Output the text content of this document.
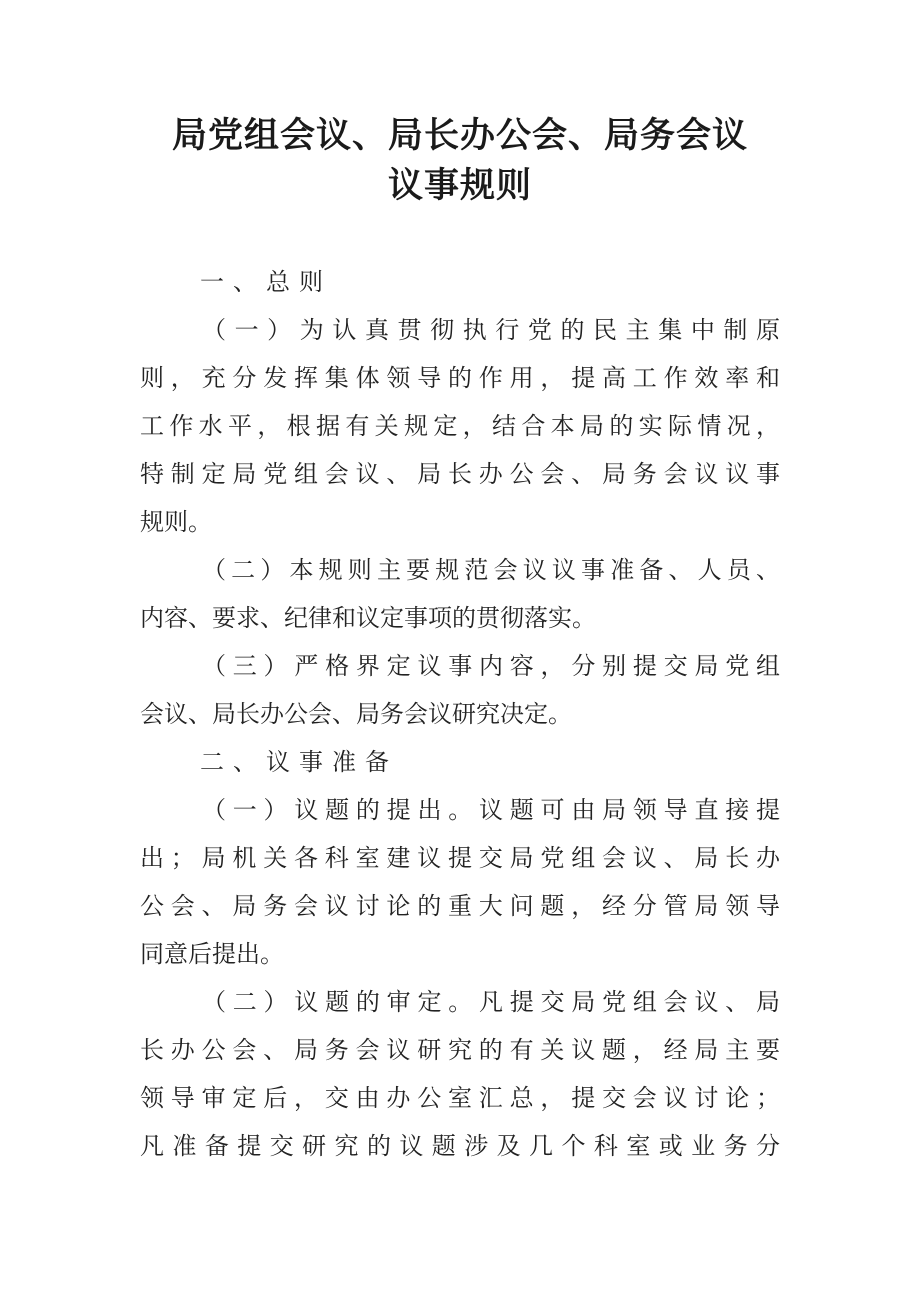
局党组会议、局长办公会、局务会议
议事规则
一、总则
（一）为认真贯彻执行党的民主集中制原
则，充分发挥集体领导的作用，提高工作效率和
工作水平，根据有关规定，结合本局的实际情况，
特制定局党组会议、局长办公会、局务会议议事
规则。
（二）本规则主要规范会议议事准备、人员、
内容、要求、纪律和议定事项的贯彻落实。
（三）严格界定议事内容，分别提交局党组
会议、局长办公会、局务会议研究决定。
二、议事准备
（一）议题的提出。议题可由局领导直接提
出；局机关各科室建议提交局党组会议、局长办
公会、局务会议讨论的重大问题，经分管局领导
同意后提出。
（二）议题的审定。凡提交局党组会议、局
长办公会、局务会议研究的有关议题，经局主要
领导审定后，交由办公室汇总，提交会议讨论；
凡准备提交研究的议题涉及几个科室或业务分
